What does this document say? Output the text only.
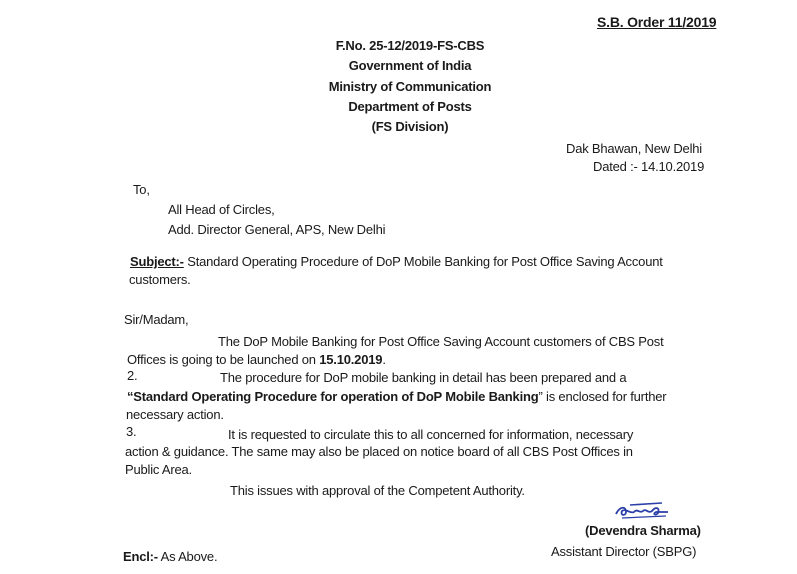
S.B. Order 11/2019
F.No. 25-12/2019-FS-CBS
Government of India
Ministry of Communication
Department of Posts
(FS Division)
Dak Bhawan, New Delhi
Dated :- 14.10.2019
To,
All Head of Circles,
Add. Director General, APS, New Delhi
Subject:- Standard Operating Procedure of DoP Mobile Banking for Post Office Saving Account
customers.
Sir/Madam,
The DoP Mobile Banking for Post Office Saving Account customers of CBS Post
Offices is going to be launched on 15.10.2019.
2.	The procedure for DoP mobile banking in detail has been prepared and a
“Standard Operating Procedure for operation of DoP Mobile Banking” is enclosed for further
necessary action.
3.	It is requested to circulate this to all concerned for information, necessary
action & guidance. The same may also be placed on notice board of all CBS Post Offices in
Public Area.
This issues with approval of the Competent Authority.
(Devendra Sharma)
Assistant Director (SBPG)
Encl:- As Above.
